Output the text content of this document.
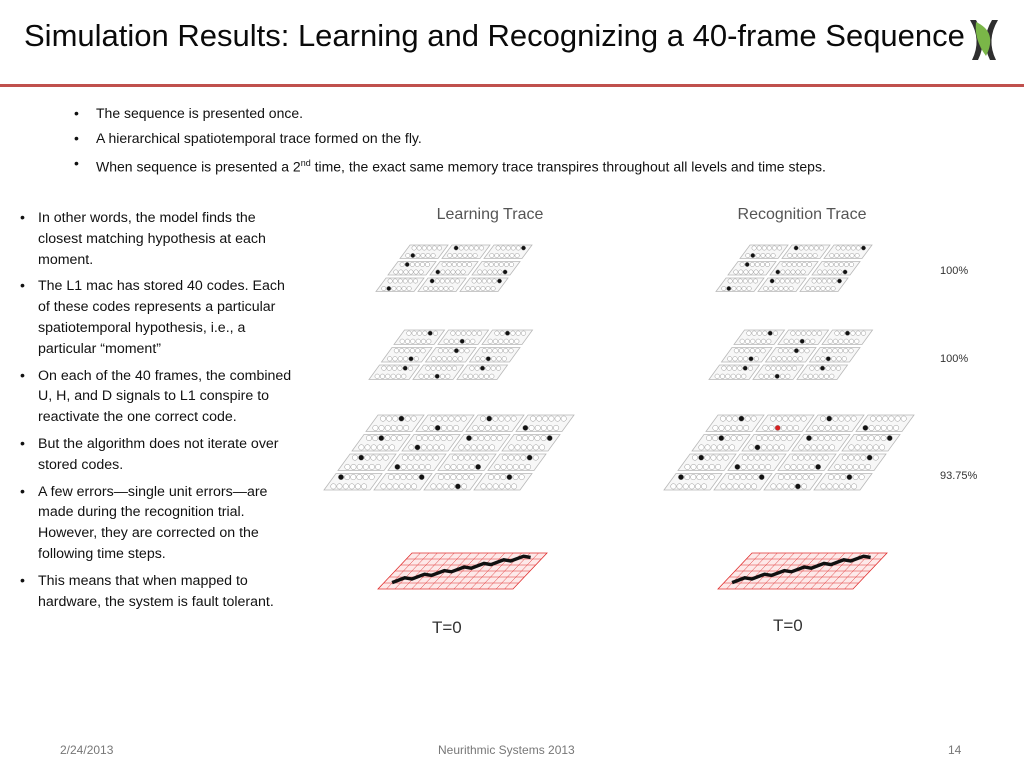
Simulation Results: Learning and Recognizing a 40-frame Sequence
• The sequence is presented once.
• A hierarchical spatiotemporal trace formed on the fly.
• When sequence is presented a 2nd time, the exact same memory trace transpires throughout all levels and time steps.
• In other words, the model finds the closest matching hypothesis at each moment.
• The L1 mac has stored 40 codes. Each of these codes represents a particular spatiotemporal hypothesis, i.e., a particular “moment”
• On each of the 40 frames, the combined U, H, and D signals to L1 conspire to reactivate the one correct code.
• But the algorithm does not iterate over stored codes.
• A few errors—single unit errors—are made during the recognition trial. However, they are corrected on the following time steps.
• This means that when mapped to hardware, the system is fault tolerant.
Learning Trace	Recognition Trace
100%
100%
93.75%
T=0	T=0
2/24/2013	Neurithmic Systems 2013	14
